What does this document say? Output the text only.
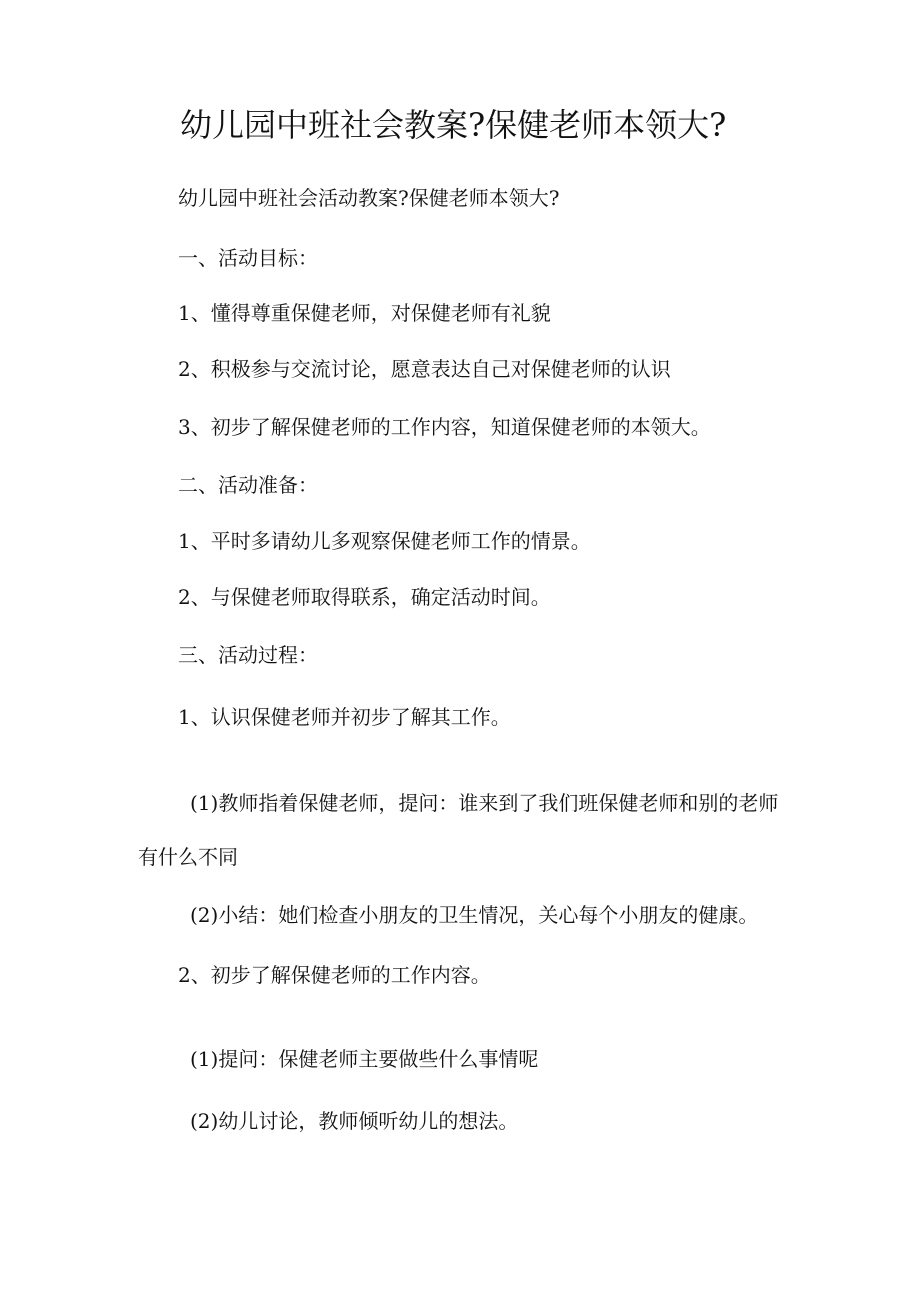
幼儿园中班社会教案?保健老师本领大?
幼儿园中班社会活动教案?保健老师本领大?
一、活动目标：
1、懂得尊重保健老师，对保健老师有礼貌
2、积极参与交流讨论，愿意表达自己对保健老师的认识
3、初步了解保健老师的工作内容，知道保健老师的本领大。
二、活动准备：
1、平时多请幼儿多观察保健老师工作的情景。
2、与保健老师取得联系，确定活动时间。
三、活动过程：
1、认识保健老师并初步了解其工作。
(1)教师指着保健老师，提问：谁来到了我们班保健老师和别的老师
有什么不同
(2)小结：她们检查小朋友的卫生情况，关心每个小朋友的健康。
2、初步了解保健老师的工作内容。
(1)提问：保健老师主要做些什么事情呢
(2)幼儿讨论，教师倾听幼儿的想法。
